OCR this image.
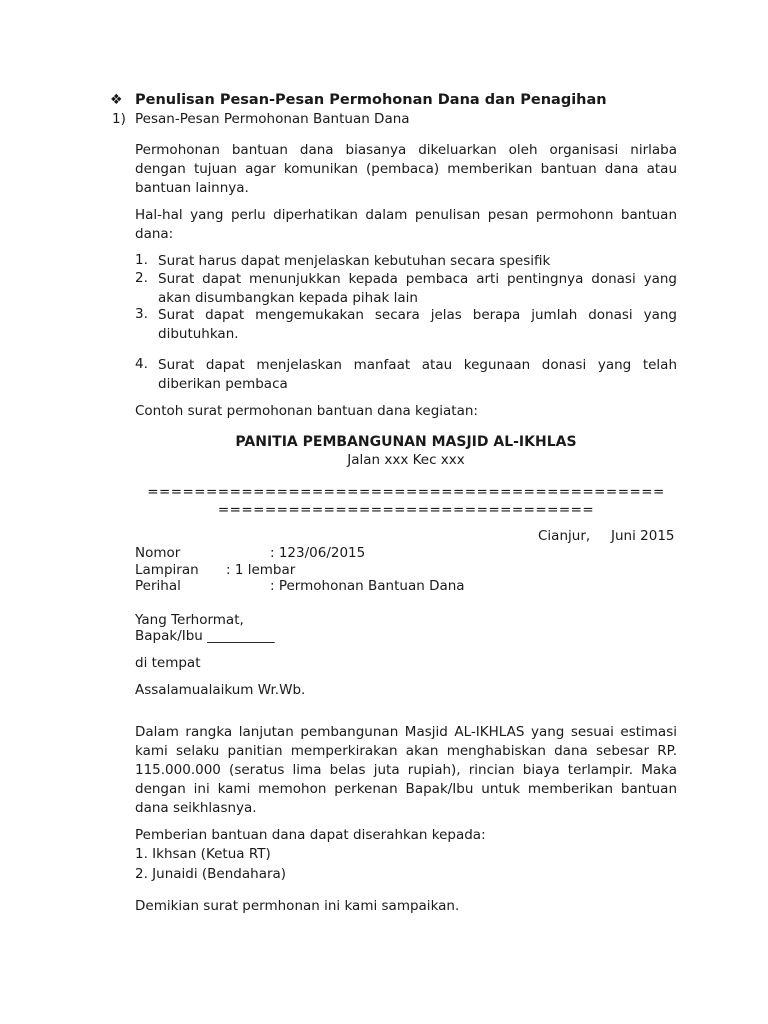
❖ Penulisan Pesan-Pesan Permohonan Dana dan Penagihan
1) Pesan-Pesan Permohonan Bantuan Dana
Permohonan bantuan dana biasanya dikeluarkan oleh organisasi nirlaba dengan tujuan agar komunikan (pembaca) memberikan bantuan dana atau bantuan lainnya.
Hal-hal yang perlu diperhatikan dalam penulisan pesan permohonn bantuan dana:
1. Surat harus dapat menjelaskan kebutuhan secara spesifik
2. Surat dapat menunjukkan kepada pembaca arti pentingnya donasi yang akan disumbangkan kepada pihak lain
3. Surat dapat mengemukakan secara jelas berapa jumlah donasi yang dibutuhkan.
4. Surat dapat menjelaskan manfaat atau kegunaan donasi yang telah diberikan pembaca
Contoh surat permohonan bantuan dana kegiatan:
PANITIA PEMBANGUNAN MASJID AL-IKHLAS
Jalan xxx Kec xxx
============================================
================================
Cianjur, Juni 2015
Nomor	: 123/06/2015
Lampiran : 1 lembar
Perihal	: Permohonan Bantuan Dana
Yang Terhormat,
Bapak/Ibu __________
di tempat
Assalamualaikum Wr.Wb.
Dalam rangka lanjutan pembangunan Masjid AL-IKHLAS yang sesuai estimasi kami selaku panitian memperkirakan akan menghabiskan dana sebesar RP. 115.000.000 (seratus lima belas juta rupiah), rincian biaya terlampir. Maka dengan ini kami memohon perkenan Bapak/Ibu untuk memberikan bantuan dana seikhlasnya.
Pemberian bantuan dana dapat diserahkan kepada:
1. Ikhsan (Ketua RT)
2. Junaidi (Bendahara)
Demikian surat permhonan ini kami sampaikan.
